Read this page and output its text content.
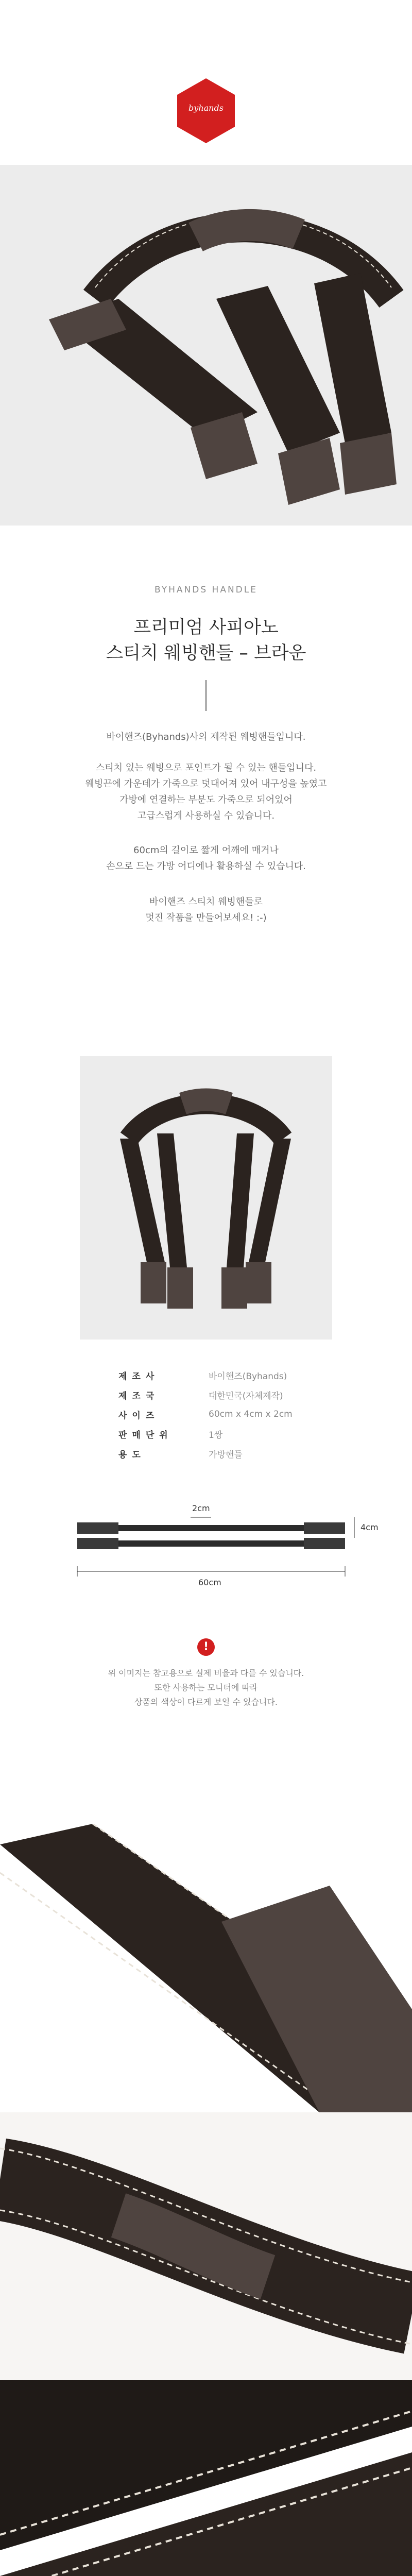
byhands
BYHANDS HANDLE
프리미엄 사피아노
스티치 웨빙핸들 – 브라운
바이핸즈(Byhands)사의 제작된 웨빙핸들입니다.
스티치 있는 웨빙으로 포인트가 될 수 있는 핸들입니다.
웨빙끈에 가운데가 가죽으로 덧대어져 있어 내구성을 높였고
가방에 연결하는 부분도 가죽으로 되어있어
고급스럽게 사용하실 수 있습니다.
60cm의 길이로 짧게 어깨에 매거나
손으로 드는 가방 어디에나 활용하실 수 있습니다.
바이핸즈 스티치 웨빙핸들로
멋진 작품을 만들어보세요! :-)
제조사	바이핸즈(Byhands)
제조국	대한민국(자체제작)
사이즈	60cm x 4cm x 2cm
판매단위	1쌍
용도	가방핸들
2cm
4cm
60cm
!
위 이미지는 참고용으로 실제 비율과 다를 수 있습니다.
또한 사용하는 모니터에 따라
상품의 색상이 다르게 보일 수 있습니다.
